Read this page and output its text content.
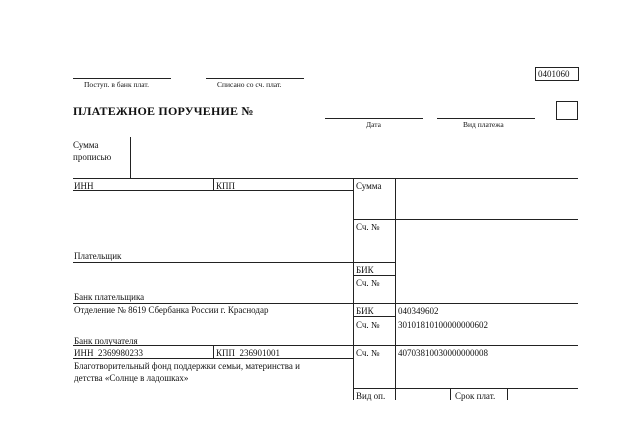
Поступ. в банк плат.	Списано со сч. плат.
0401060
ПЛАТЕЖНОЕ ПОРУЧЕНИЕ №
Дата	Вид платежа
Сумма
прописью
ИНН	КПП	Сумма
Сч. №
Плательщик
БИК
Сч. №
Банк плательщика
Отделение № 8619 Сбербанка России г. Краснодар	БИК	040349602
Сч. № 30101810100000000602
Банк получателя
ИНН 2369980233	КПП 236901001	Сч. № 40703810030000000008
Благотворительный фонд поддержки семьи, материнства и
детства «Солнце в ладошках»
Вид оп.	Срок плат.
